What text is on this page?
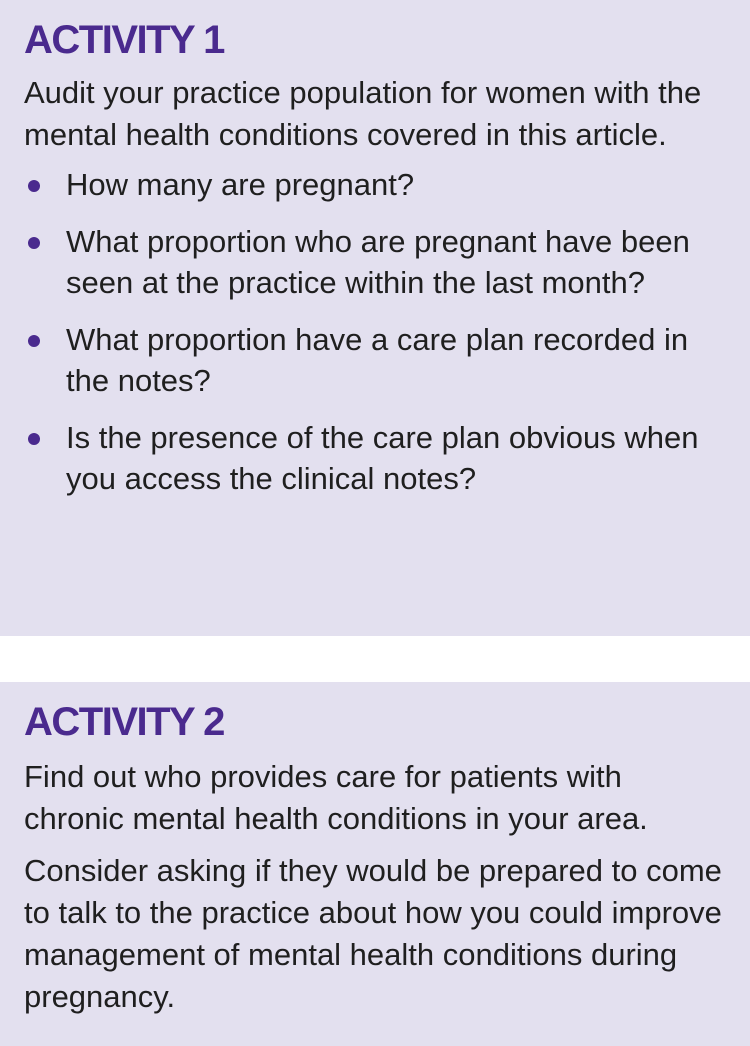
ACTIVITY 1

Audit your practice population for women with the mental health conditions covered in this article.

How many are pregnant?
What proportion who are pregnant have been seen at the practice within the last month?
What proportion have a care plan recorded in the notes?
Is the presence of the care plan obvious when you access the clinical notes?
ACTIVITY 2

Find out who provides care for patients with chronic mental health conditions in your area.

Consider asking if they would be prepared to come to talk to the practice about how you could improve management of mental health conditions during pregnancy.
